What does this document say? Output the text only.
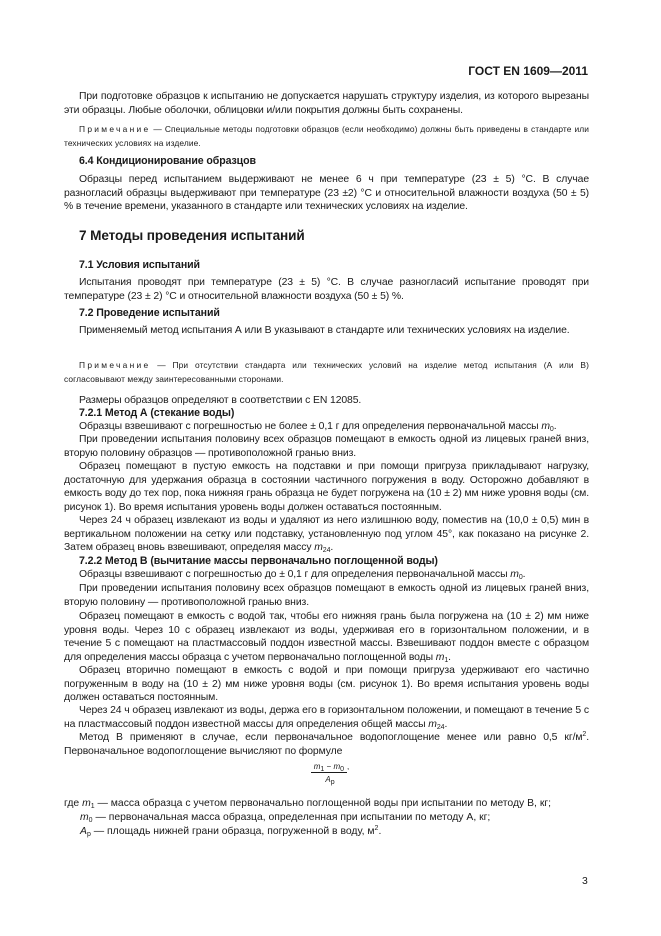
ГОСТ EN 1609—2011

При подготовке образцов к испытанию не допускается нарушать структуру изделия, из которого вырезаны эти образцы. Любые оболочки, облицовки и/или покрытия должны быть сохранены.

Примечание — Специальные методы подготовки образцов (если необходимо) должны быть приведены в стандарте или технических условиях на изделие.

6.4 Кондиционирование образцов

Образцы перед испытанием выдерживают не менее 6 ч при температуре (23 ± 5) °С. В случае разногласий образцы выдерживают при температуре (23 ±2) °С и относительной влажности воздуха (50 ± 5) % в течение времени, указанного в стандарте или технических условиях на изделие.

7 Методы проведения испытаний

7.1 Условия испытаний

Испытания проводят при температуре (23 ± 5) °С. В случае разногласий испытание проводят при температуре (23 ± 2) °С и относительной влажности воздуха (50 ± 5) %.

7.2 Проведение испытаний

Применяемый метод испытания А или В указывают в стандарте или технических условиях на изделие.

Примечание — При отсутствии стандарта или технических условий на изделие метод испытания (А или В) согласовывают между заинтересованными сторонами.

Размеры образцов определяют в соответствии с EN 12085.

7.2.1 Метод А (стекание воды)

Образцы взвешивают с погрешностью не более ± 0,1 г для определения первоначальной массы $m_0$.

При проведении испытания половину всех образцов помещают в емкость одной из лицевых граней вниз, вторую половину образцов — противоположной гранью вниз.

Образец помещают в пустую емкость на подставки и при помощи пригруза прикладывают нагрузку, достаточную для удержания образца в состоянии частичного погружения в воду. Осторожно добавляют в емкость воду до тех пор, пока нижняя грань образца не будет погружена на (10 ± 2) мм ниже уровня воды (см. рисунок 1). Во время испытания уровень воды должен оставаться постоянным.

Через 24 ч образец извлекают из воды и удаляют из него излишнюю воду, поместив на (10,0 ± 0,5) мин в вертикальном положении на сетку или подставку, установленную под углом 45°, как показано на рисунке 2. Затем образец вновь взвешивают, определяя массу $m_{24}$.

7.2.2 Метод В (вычитание массы первоначально поглощенной воды)

Образцы взвешивают с погрешностью до ± 0,1 г для определения первоначальной массы $m_0$.

При проведении испытания половину всех образцов помещают в емкость одной из лицевых граней вниз, вторую половину — противоположной гранью вниз.

Образец помещают в емкость с водой так, чтобы его нижняя грань была погружена на (10 ± 2) мм ниже уровня воды. Через 10 с образец извлекают из воды, удерживая его в горизонтальном положении, и в течение 5 с помещают на пластмассовый поддон известной массы. Взвешивают поддон вместе с образцом для определения массы образца с учетом первоначально поглощенной воды $m_1$.

Образец вторично помещают в емкость с водой и при помощи пригруза удерживают его частично погруженным в воду на (10 ± 2) мм ниже уровня воды (см. рисунок 1). Во время испытания уровень воды должен оставаться постоянным.

Через 24 ч образец извлекают из воды, держа его в горизонтальном положении, и помещают в течение 5 с на пластмассовый поддон известной массы для определения общей массы $m_{24}$.

Метод В применяют в случае, если первоначальное водопоглощение менее или равно 0,5 $кг/м^2$. Первоначальное водопоглощение вычисляют по формуле

$m_1 - m_0$ ,
$A_p$
где $m_1$ — масса образца с учетом первоначально поглощенной воды при испытании по методу В, кг;
$m_0$ — первоначальная масса образца, определенная при испытании по методу А, кг;
$A_p$ — площадь нижней грани образца, погруженной в воду, $м^2$.
3
